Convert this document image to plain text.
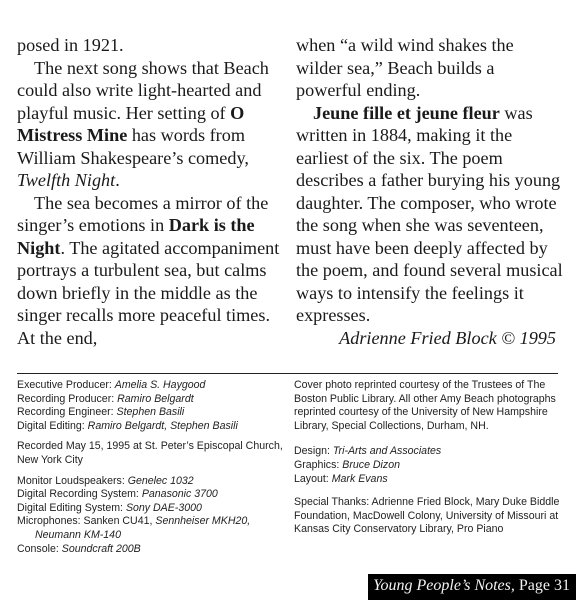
posed in 1921.

The next song shows that Beach could also write light-hearted and playful music. Her setting of O Mistress Mine has words from William Shakespeare’s comedy, Twelfth Night.

The sea becomes a mirror of the singer’s emotions in Dark is the Night. The agitated accompaniment portrays a turbulent sea, but calms down briefly in the middle as the singer recalls more peaceful times. At the end,

when “a wild wind shakes the wilder sea,” Beach builds a powerful ending.

Jeune fille et jeune fleur was written in 1884, making it the earliest of the six. The poem describes a father burying his young daughter. The composer, who wrote the song when she was seventeen, must have been deeply affected by the poem, and found several musical ways to intensify the feelings it expresses.

Adrienne Fried Block © 1995

Executive Producer: Amelia S. Haygood

Recording Producer: Ramiro Belgardt

Recording Engineer: Stephen Basili

Digital Editing: Ramiro Belgardt, Stephen Basili

Recorded May 15, 1995 at St. Peter’s Episcopal Church, New York City

Monitor Loudspeakers: Genelec 1032

Digital Recording System: Panasonic 3700

Digital Editing System: Sony DAE-3000

Microphones: Sanken CU41, Sennheiser MKH20,

Neumann KM-140

Console: Soundcraft 200B

Cover photo reprinted courtesy of the Trustees of The Boston Public Library. All other Amy Beach photographs reprinted courtesy of the University of New Hampshire Library, Special Collections, Durham, NH.

Design: Tri-Arts and Associates

Graphics: Bruce Dizon

Layout: Mark Evans

Special Thanks: Adrienne Fried Block, Mary Duke Biddle Foundation, MacDowell Colony, University of Missouri at Kansas City Conservatory Library, Pro Piano

Young People’s Notes, Page 31
